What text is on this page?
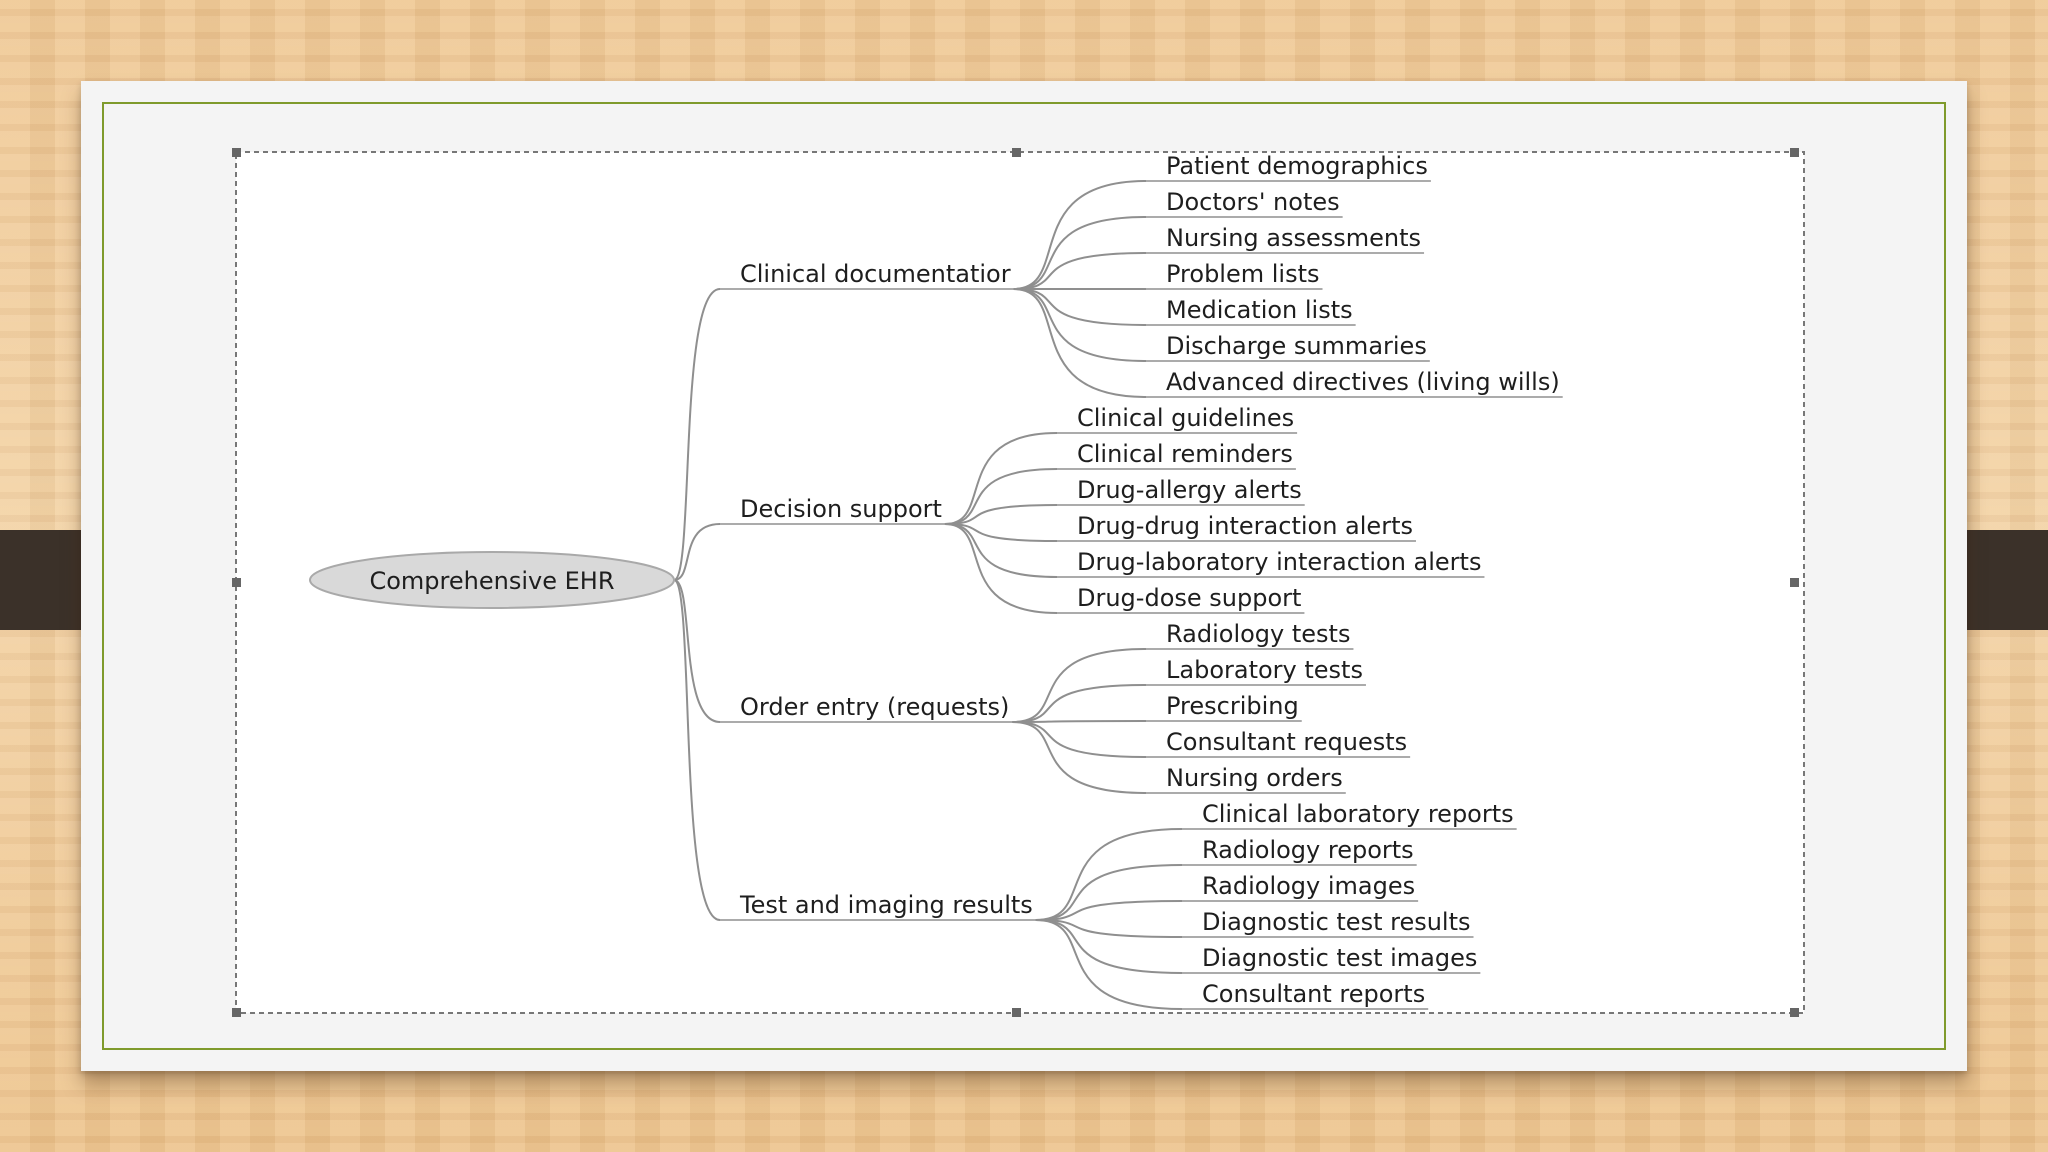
Comprehensive EHR
Clinical documentatior
Patient demographics
Doctors' notes
Nursing assessments
Problem lists
Medication lists
Discharge summaries
Advanced directives (living wills)
Decision support
Clinical guidelines
Clinical reminders
Drug-allergy alerts
Drug-drug interaction alerts
Drug-laboratory interaction alerts
Drug-dose support
Order entry (requests)
Radiology tests
Laboratory tests
Prescribing
Consultant requests
Nursing orders
Test and imaging results
Clinical laboratory reports
Radiology reports
Radiology images
Diagnostic test results
Diagnostic test images
Consultant reports
